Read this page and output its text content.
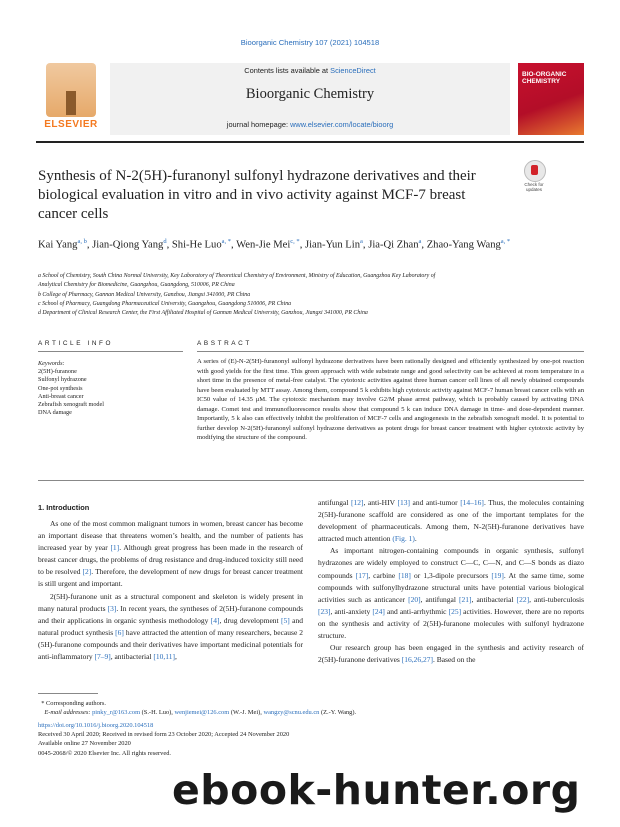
Bioorganic Chemistry 107 (2021) 104518
ELSEVIER
Contents lists available at ScienceDirect
Bioorganic Chemistry
journal homepage: www.elsevier.com/locate/bioorg
BIO-ORGANIC CHEMISTRY
Synthesis of N-2(5H)-furanonyl sulfonyl hydrazone derivatives and their biological evaluation in vitro and in vivo activity against MCF-7 breast cancer cells
Check for updates
Kai Yang$^{a, b}$, Jian-Qiong Yang$^d$, Shi-He Luo$^{a, *}$, Wen-Jie Mei$^{c, *}$, Jian-Yun Lin$^a$, Jia-Qi Zhan$^a$, Zhao-Yang Wang$^{a, *}$
a School of Chemistry, South China Normal University, Key Laboratory of Theoretical Chemistry of Environment, Ministry of Education, Guangzhou Key Laboratory of
Analytical Chemistry for Biomedicine, Guangzhou, Guangdong, 510006, PR China
b College of Pharmacy, Gannan Medical University, Ganzhou, Jiangxi 341000, PR China
c School of Pharmacy, Guangdong Pharmaceutical University, Guangzhou, Guangdong 510006, PR China
d Department of Clinical Research Center, the First Affiliated Hospital of Gannan Medical University, Ganzhou, Jiangxi 341000, PR China
ARTICLE INFO	ABSTRACT
Keywords:
2(5H)-furanone
Sulfonyl hydrazone
One-pot synthesis
Anti-breast cancer
Zebrafish xenograft model
DNA damage
A series of (E)-N-2(5H)-furanonyl sulfonyl hydrazone derivatives have been rationally designed and efficiently synthesized by one-pot reaction with good yields for the first time. This green approach with wide substrate range and good selectivity can be achieved at room temperature in a short time in the presence of metal-free catalyst. The cytotoxic activities against three human cancer cell lines of all newly obtained compounds have been evaluated by MTT assay. Among them, compound 5 k exhibits high cytotoxic activity against MCF-7 human breast cancer cells with an IC50 value of 14.35 μM. The cytotoxic mechanism may involve G2/M phase arrest pathway, which is probably caused by activating DNA damage. Comet test and immunofluorescence results show that compound 5 k can induce DNA damage in time- and dose-dependent manner. Importantly, 5 k also can effectively inhibit the proliferation of MCF-7 cells and angiogenesis in the zebrafish xenograft model. It is potential to further develop N-2(5H)-furanonyl sulfonyl hydrazone derivatives as potent drugs for breast cancer treatment with higher cytotoxic activity by modifying the structure of the compound.
1. Introduction

As one of the most common malignant tumors in women, breast cancer has become an important disease that threatens women’s health, and the number of patients has increased year by year [1]. Although great progress has been made in the research of breast cancer drugs, the problems of drug resistance and drug-induced toxicity still need to be resolved [2]. Therefore, the development of new drugs for breast cancer treatment is still urgent and important.

2(5H)-furanone unit as a structural component and skeleton is widely present in many natural products [3]. In recent years, the syntheses of 2(5H)-furanone compounds and their applications in organic synthesis methodology [4], drug development [5] and natural product synthesis [6] have attracted the attention of many researchers, because 2 (5H)-furanone compounds and their derivatives have important medicinal potentials for anti-inflammatory [7–9], antibacterial [10,11],

antifungal [12], anti-HIV [13] and anti-tumor [14–16]. Thus, the molecules containing 2(5H)-furanone scaffold are considered as one of the important templates for the development of pharmaceuticals. Among them, N-2(5H)-furanone derivatives have attracted much attention (Fig. 1).

As important nitrogen-containing compounds in organic synthesis, sulfonyl hydrazones are widely employed to construct C—C, C—N, and C—S bonds as diazo compounds [17], carbine [18] or 1,3-dipole precursors [19]. At the same time, some compounds with sulfonylhydrazone structural units have potential various biological activities such as anticancer [20], antifungal [21], antibacterial [22], anti-tuberculosis [23], anti-anxiety [24] and anti-arrhythmic [25] activities. However, there are no reports on the synthesis and activity of 2(5H)-furanone molecules with sulfonyl hydrazone structure.

Our research group has been engaged in the synthesis and activity research of 2(5H)-furanone derivatives [16,26,27]. Based on the

* Corresponding authors.
E-mail addresses: pinky_r@163.com (S.-H. Luo), wenjiemei@126.com (W.-J. Mei), wangzy@scnu.edu.cn (Z.-Y. Wang).
https://doi.org/10.1016/j.bioorg.2020.104518
Received 30 April 2020; Received in revised form 23 October 2020; Accepted 24 November 2020
Available online 27 November 2020
0045-2068/© 2020 Elsevier Inc. All rights reserved.
ebook-hunter.org
